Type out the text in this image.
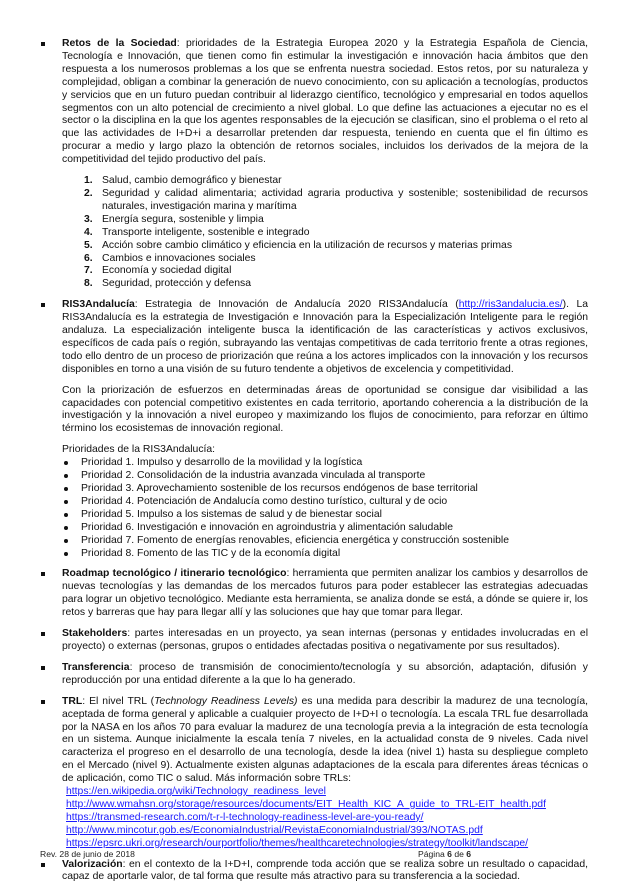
Retos de la Sociedad: prioridades de la Estrategia Europea 2020 y la Estrategia Española de Ciencia, Tecnología e Innovación, que tienen como fin estimular la investigación e innovación hacia ámbitos que den respuesta a los numerosos problemas a los que se enfrenta nuestra sociedad. Estos retos, por su naturaleza y complejidad, obligan a combinar la generación de nuevo conocimiento, con su aplicación a tecnologías, productos y servicios que en un futuro puedan contribuir al liderazgo científico, tecnológico y empresarial en todos aquellos segmentos con un alto potencial de crecimiento a nivel global. Lo que define las actuaciones a ejecutar no es el sector o la disciplina en la que los agentes responsables de la ejecución se clasifican, sino el problema o el reto al que las actividades de I+D+i a desarrollar pretenden dar respuesta, teniendo en cuenta que el fin último es procurar a medio y largo plazo la obtención de retornos sociales, incluidos los derivados de la mejora de la competitividad del tejido productivo del país.

1. Salud, cambio demográfico y bienestar
2. Seguridad y calidad alimentaria; actividad agraria productiva y sostenible; sostenibilidad de recursos naturales, investigación marina y marítima
3. Energía segura, sostenible y limpia
4. Transporte inteligente, sostenible e integrado
5. Acción sobre cambio climático y eficiencia en la utilización de recursos y materias primas
6. Cambios e innovaciones sociales
7. Economía y sociedad digital
8. Seguridad, protección y defensa

RIS3Andalucía: Estrategia de Innovación de Andalucía 2020 RIS3Andalucía (http://ris3andalucia.es/). La RIS3Andalucía es la estrategia de Investigación e Innovación para la Especialización Inteligente para le región andaluza. La especialización inteligente busca la identificación de las características y activos exclusivos, específicos de cada país o región, subrayando las ventajas competitivas de cada territorio frente a otras regiones, todo ello dentro de un proceso de priorización que reúna a los actores implicados con la innovación y los recursos disponibles en torno a una visión de su futuro tendente a objetivos de excelencia y competitividad.

Con la priorización de esfuerzos en determinadas áreas de oportunidad se consigue dar visibilidad a las capacidades con potencial competitivo existentes en cada territorio, aportando coherencia a la distribución de la investigación y la innovación a nivel europeo y maximizando los flujos de conocimiento, para reforzar en último término los ecosistemas de innovación regional.

Prioridades de la RIS3Andalucía:
Prioridad 1. Impulso y desarrollo de la movilidad y la logística
Prioridad 2. Consolidación de la industria avanzada vinculada al transporte
Prioridad 3. Aprovechamiento sostenible de los recursos endógenos de base territorial
Prioridad 4. Potenciación de Andalucía como destino turístico, cultural y de ocio
Prioridad 5. Impulso a los sistemas de salud y de bienestar social
Prioridad 6. Investigación e innovación en agroindustria y alimentación saludable
Prioridad 7. Fomento de energías renovables, eficiencia energética y construcción sostenible
Prioridad 8. Fomento de las TIC y de la economía digital

Roadmap tecnológico / itinerario tecnológico: herramienta que permiten analizar los cambios y desarrollos de nuevas tecnologías y las demandas de los mercados futuros para poder establecer las estrategias adecuadas para lograr un objetivo tecnológico. Mediante esta herramienta, se analiza donde se está, a dónde se quiere ir, los retos y barreras que hay para llegar allí y las soluciones que hay que tomar para llegar.

Stakeholders: partes interesadas en un proyecto, ya sean internas (personas y entidades involucradas en el proyecto) o externas (personas, grupos o entidades afectadas positiva o negativamente por sus resultados).

Transferencia: proceso de transmisión de conocimiento/tecnología y su absorción, adaptación, difusión y reproducción por una entidad diferente a la que lo ha generado.

TRL: El nivel TRL (Technology Readiness Levels) es una medida para describir la madurez de una tecnología, aceptada de forma general y aplicable a cualquier proyecto de I+D+I o tecnología. La escala TRL fue desarrollada por la NASA en los años 70 para evaluar la madurez de una tecnología previa a la integración de esta tecnología en un sistema. Aunque inicialmente la escala tenía 7 niveles, en la actualidad consta de 9 niveles. Cada nivel caracteriza el progreso en el desarrollo de una tecnología, desde la idea (nivel 1) hasta su despliegue completo en el Mercado (nivel 9). Actualmente existen algunas adaptaciones de la escala para diferentes áreas técnicas o de aplicación, como TIC o salud. Más información sobre TRLs:

https://en.wikipedia.org/wiki/Technology_readiness_level
http://www.wmahsn.org/storage/resources/documents/EIT_Health_KIC_A_guide_to_TRL-EIT_health.pdf
https://transmed-research.com/t-r-l-technology-readiness-level-are-you-ready/
http://www.mincotur.gob.es/EconomiaIndustrial/RevistaEconomiaIndustrial/393/NOTAS.pdf
https://epsrc.ukri.org/research/ourportfolio/themes/healthcaretechnologies/strategy/toolkit/landscape/

Valorización: en el contexto de la I+D+I, comprende toda acción que se realiza sobre un resultado o capacidad, capaz de aportarle valor, de tal forma que resulte más atractivo para su transferencia a la sociedad.

Rev. 28 de junio de 2018	Página 6 de 6
